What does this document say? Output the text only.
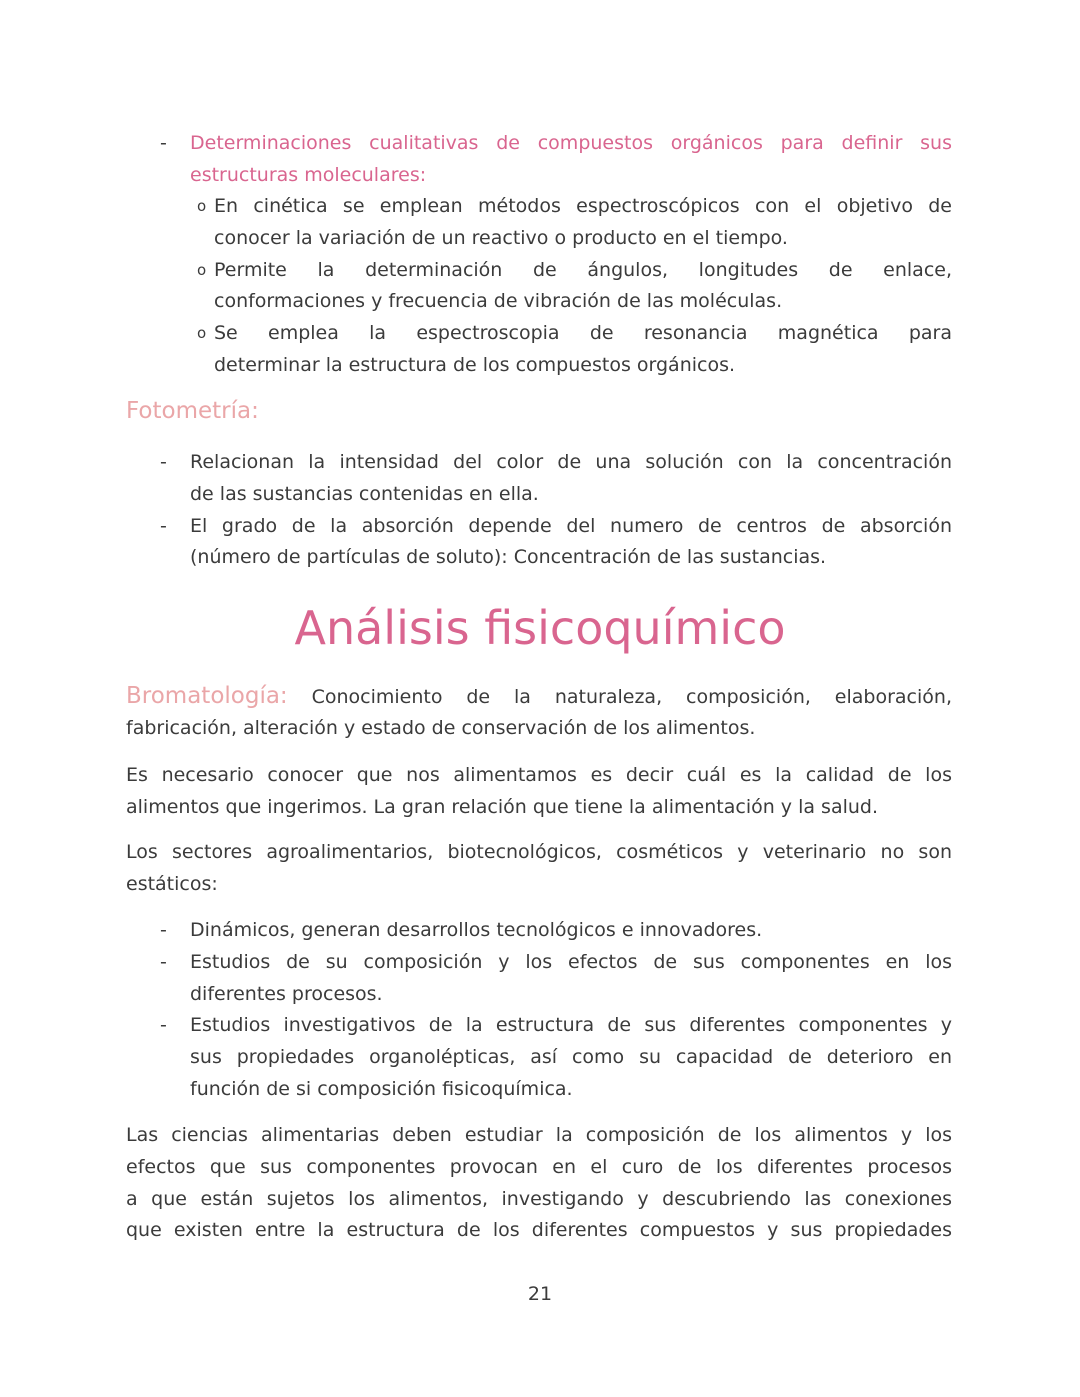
- Determinaciones cualitativas de compuestos orgánicos para definir sus
estructuras moleculares:
o En cinética se emplean métodos espectroscópicos con el objetivo de
conocer la variación de un reactivo o producto en el tiempo.
o Permite la determinación de ángulos, longitudes de enlace,
conformaciones y frecuencia de vibración de las moléculas.
o Se emplea la espectroscopia de resonancia magnética para
determinar la estructura de los compuestos orgánicos.
Fotometría:
- Relacionan la intensidad del color de una solución con la concentración
de las sustancias contenidas en ella.
- El grado de la absorción depende del numero de centros de absorción
(número de partículas de soluto): Concentración de las sustancias.
Análisis fisicoquímico
Bromatología: Conocimiento de la naturaleza, composición, elaboración,
fabricación, alteración y estado de conservación de los alimentos.
Es necesario conocer que nos alimentamos es decir cuál es la calidad de los
alimentos que ingerimos. La gran relación que tiene la alimentación y la salud.
Los sectores agroalimentarios, biotecnológicos, cosméticos y veterinario no son
estáticos:
- Dinámicos, generan desarrollos tecnológicos e innovadores.
- Estudios de su composición y los efectos de sus componentes en los
diferentes procesos.
- Estudios investigativos de la estructura de sus diferentes componentes y
sus propiedades organolépticas, así como su capacidad de deterioro en
función de si composición fisicoquímica.
Las ciencias alimentarias deben estudiar la composición de los alimentos y los
efectos que sus componentes provocan en el curo de los diferentes procesos
a que están sujetos los alimentos, investigando y descubriendo las conexiones
que existen entre la estructura de los diferentes compuestos y sus propiedades
21
